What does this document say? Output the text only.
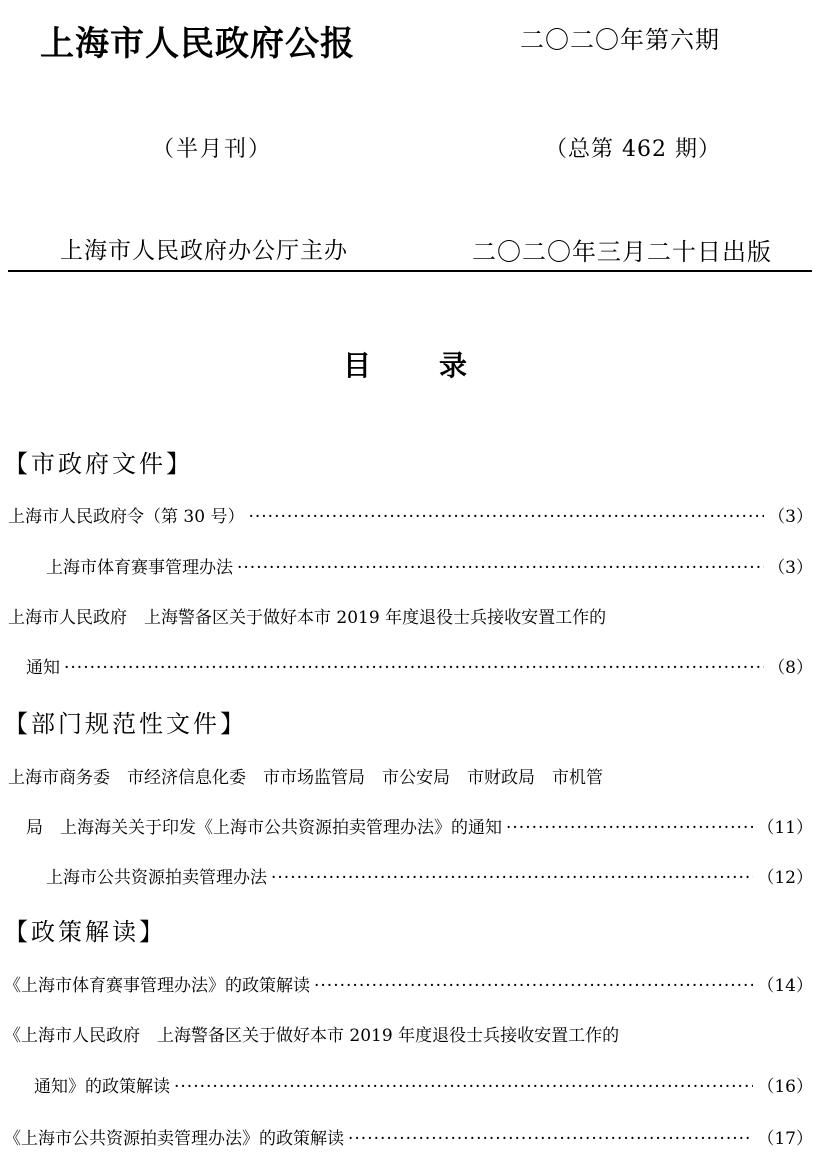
上海市人民政府公报	二〇二〇年第六期
（半月刊）	（总第 462 期）
上海市人民政府办公厅主办	二〇二〇年三月二十日出版
目录
【市政府文件】
上海市人民政府令（第 30 号） ·····	（3）
上海市体育赛事管理办法 ·····	（3）
上海市人民政府　上海警备区关于做好本市 2019 年度退役士兵接收安置工作的
通知 ·····	（8）
【部门规范性文件】
上海市商务委　市经济信息化委　市市场监管局　市公安局　市财政局　市机管
局　上海海关关于印发《上海市公共资源拍卖管理办法》的通知 ·····	（11）
上海市公共资源拍卖管理办法 ·····	（12）
【政策解读】
《上海市体育赛事管理办法》的政策解读 ·····	（14）
《上海市人民政府　上海警备区关于做好本市 2019 年度退役士兵接收安置工作的
通知》的政策解读 ·····	（16）
《上海市公共资源拍卖管理办法》的政策解读 ·····	（17）
